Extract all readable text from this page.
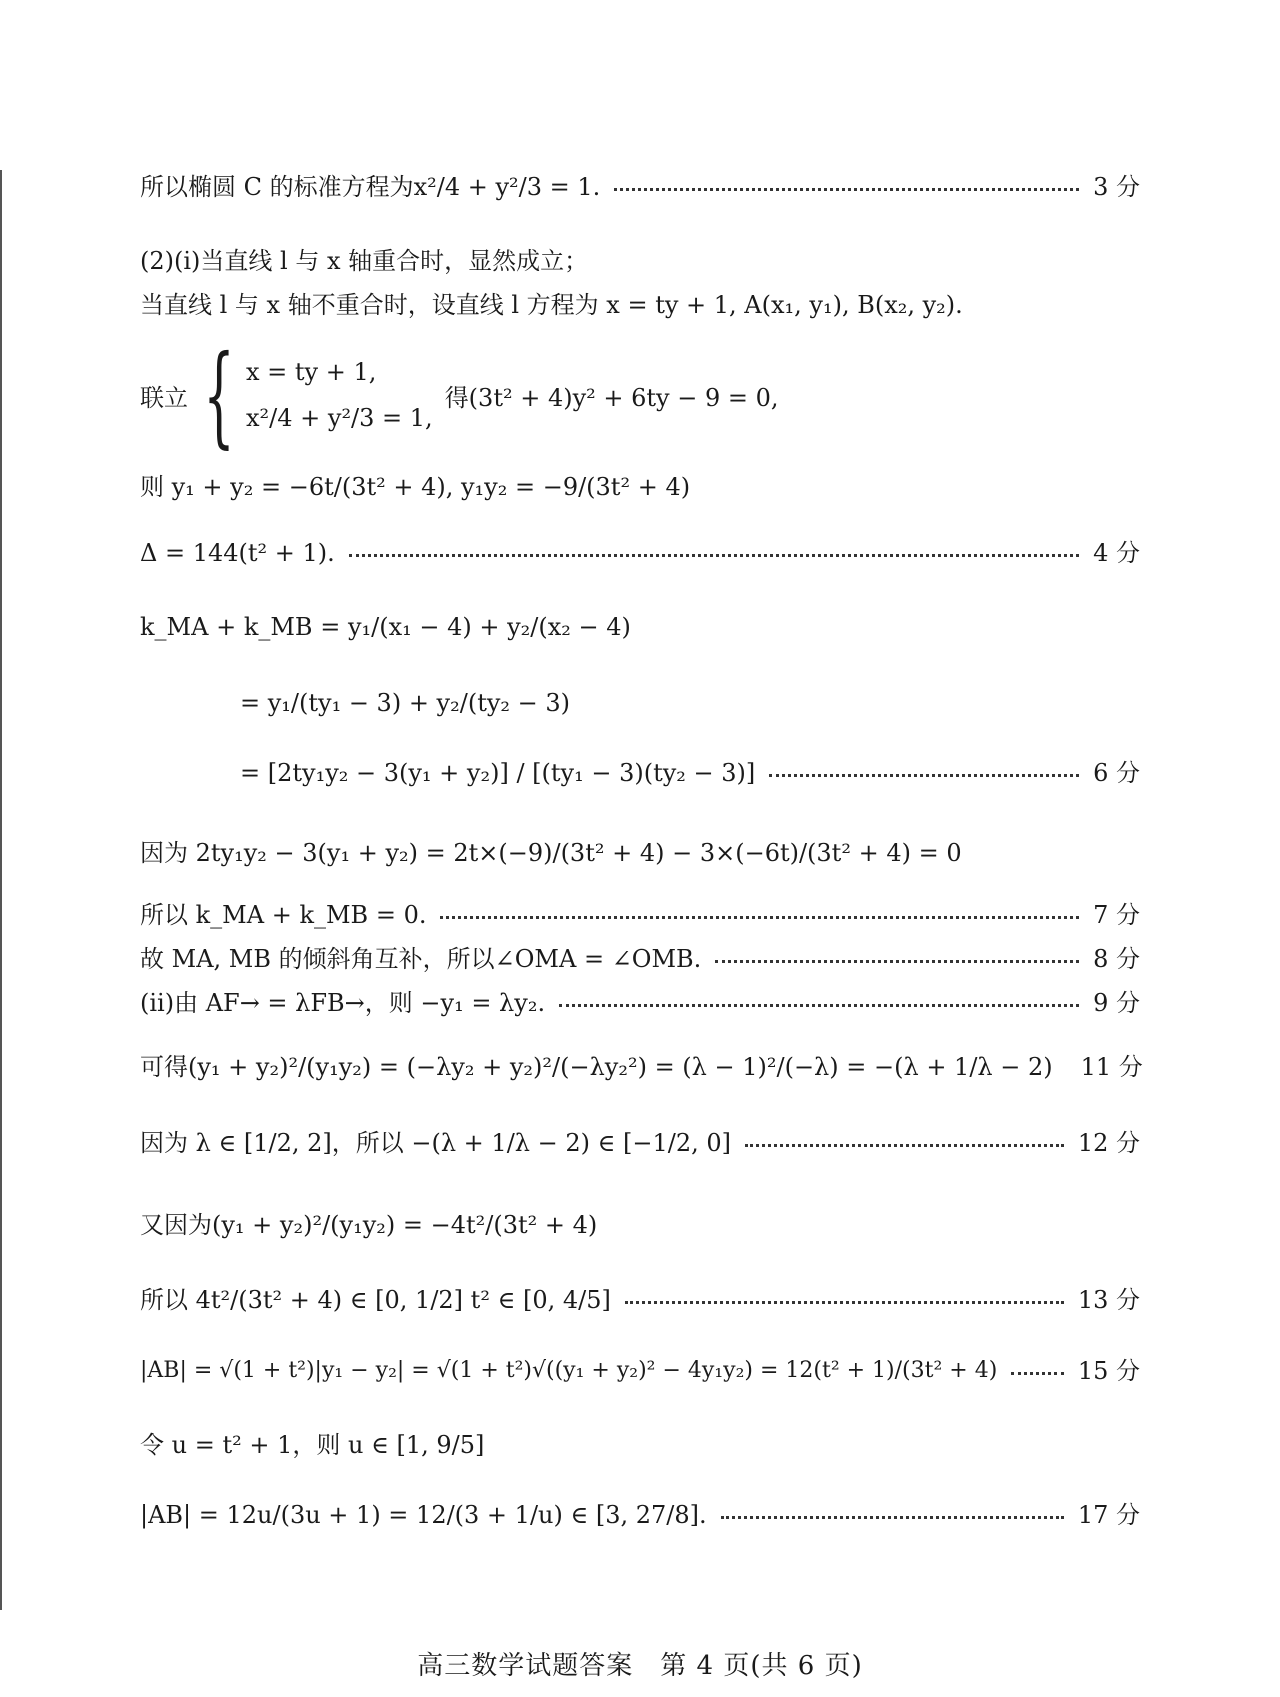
所以椭圆 C 的标准方程为x²/4 + y²/3 = 1.	3 分
(2)(ⅰ)当直线 l 与 x 轴重合时，显然成立；
当直线 l 与 x 轴不重合时，设直线 l 方程为 x = ty + 1, A(x₁, y₁), B(x₂, y₂).
联立 { x = ty + 1,
x²/4 + y²/3 = 1,
得(3t² + 4)y² + 6ty − 9 = 0,
则 y₁ + y₂ = −6t/(3t² + 4), y₁y₂ = −9/(3t² + 4)
Δ = 144(t² + 1).	4 分
k_MA + k_MB = y₁/(x₁ − 4) + y₂/(x₂ − 4)
= y₁/(ty₁ − 3) + y₂/(ty₂ − 3)
= [2ty₁y₂ − 3(y₁ + y₂)] / [(ty₁ − 3)(ty₂ − 3)]	6 分
因为 2ty₁y₂ − 3(y₁ + y₂) = 2t×(−9)/(3t² + 4) − 3×(−6t)/(3t² + 4) = 0
所以 k_MA + k_MB = 0.	7 分
故 MA, MB 的倾斜角互补，所以∠OMA = ∠OMB.	8 分
(ⅱ)由 AF→ = λFB→，则 −y₁ = λy₂.	9 分
可得(y₁ + y₂)²/(y₁y₂) = (−λy₂ + y₂)²/(−λy₂²) = (λ − 1)²/(−λ) = −(λ + 1/λ − 2) 11 分
因为 λ ∈ [1/2, 2]，所以 −(λ + 1/λ − 2) ∈ [−1/2, 0]	12 分
又因为(y₁ + y₂)²/(y₁y₂) = −4t²/(3t² + 4)
所以 4t²/(3t² + 4) ∈ [0, 1/2] t² ∈ [0, 4/5]	13 分
|AB| = √(1 + t²)|y₁ − y₂| = √(1 + t²)√((y₁ + y₂)² − 4y₁y₂) = 12(t² + 1)/(3t² + 4)	15 分
令 u = t² + 1，则 u ∈ [1, 9/5]
|AB| = 12u/(3u + 1) = 12/(3 + 1/u) ∈ [3, 27/8].	17 分
高三数学试题答案　第 4 页(共 6 页)
